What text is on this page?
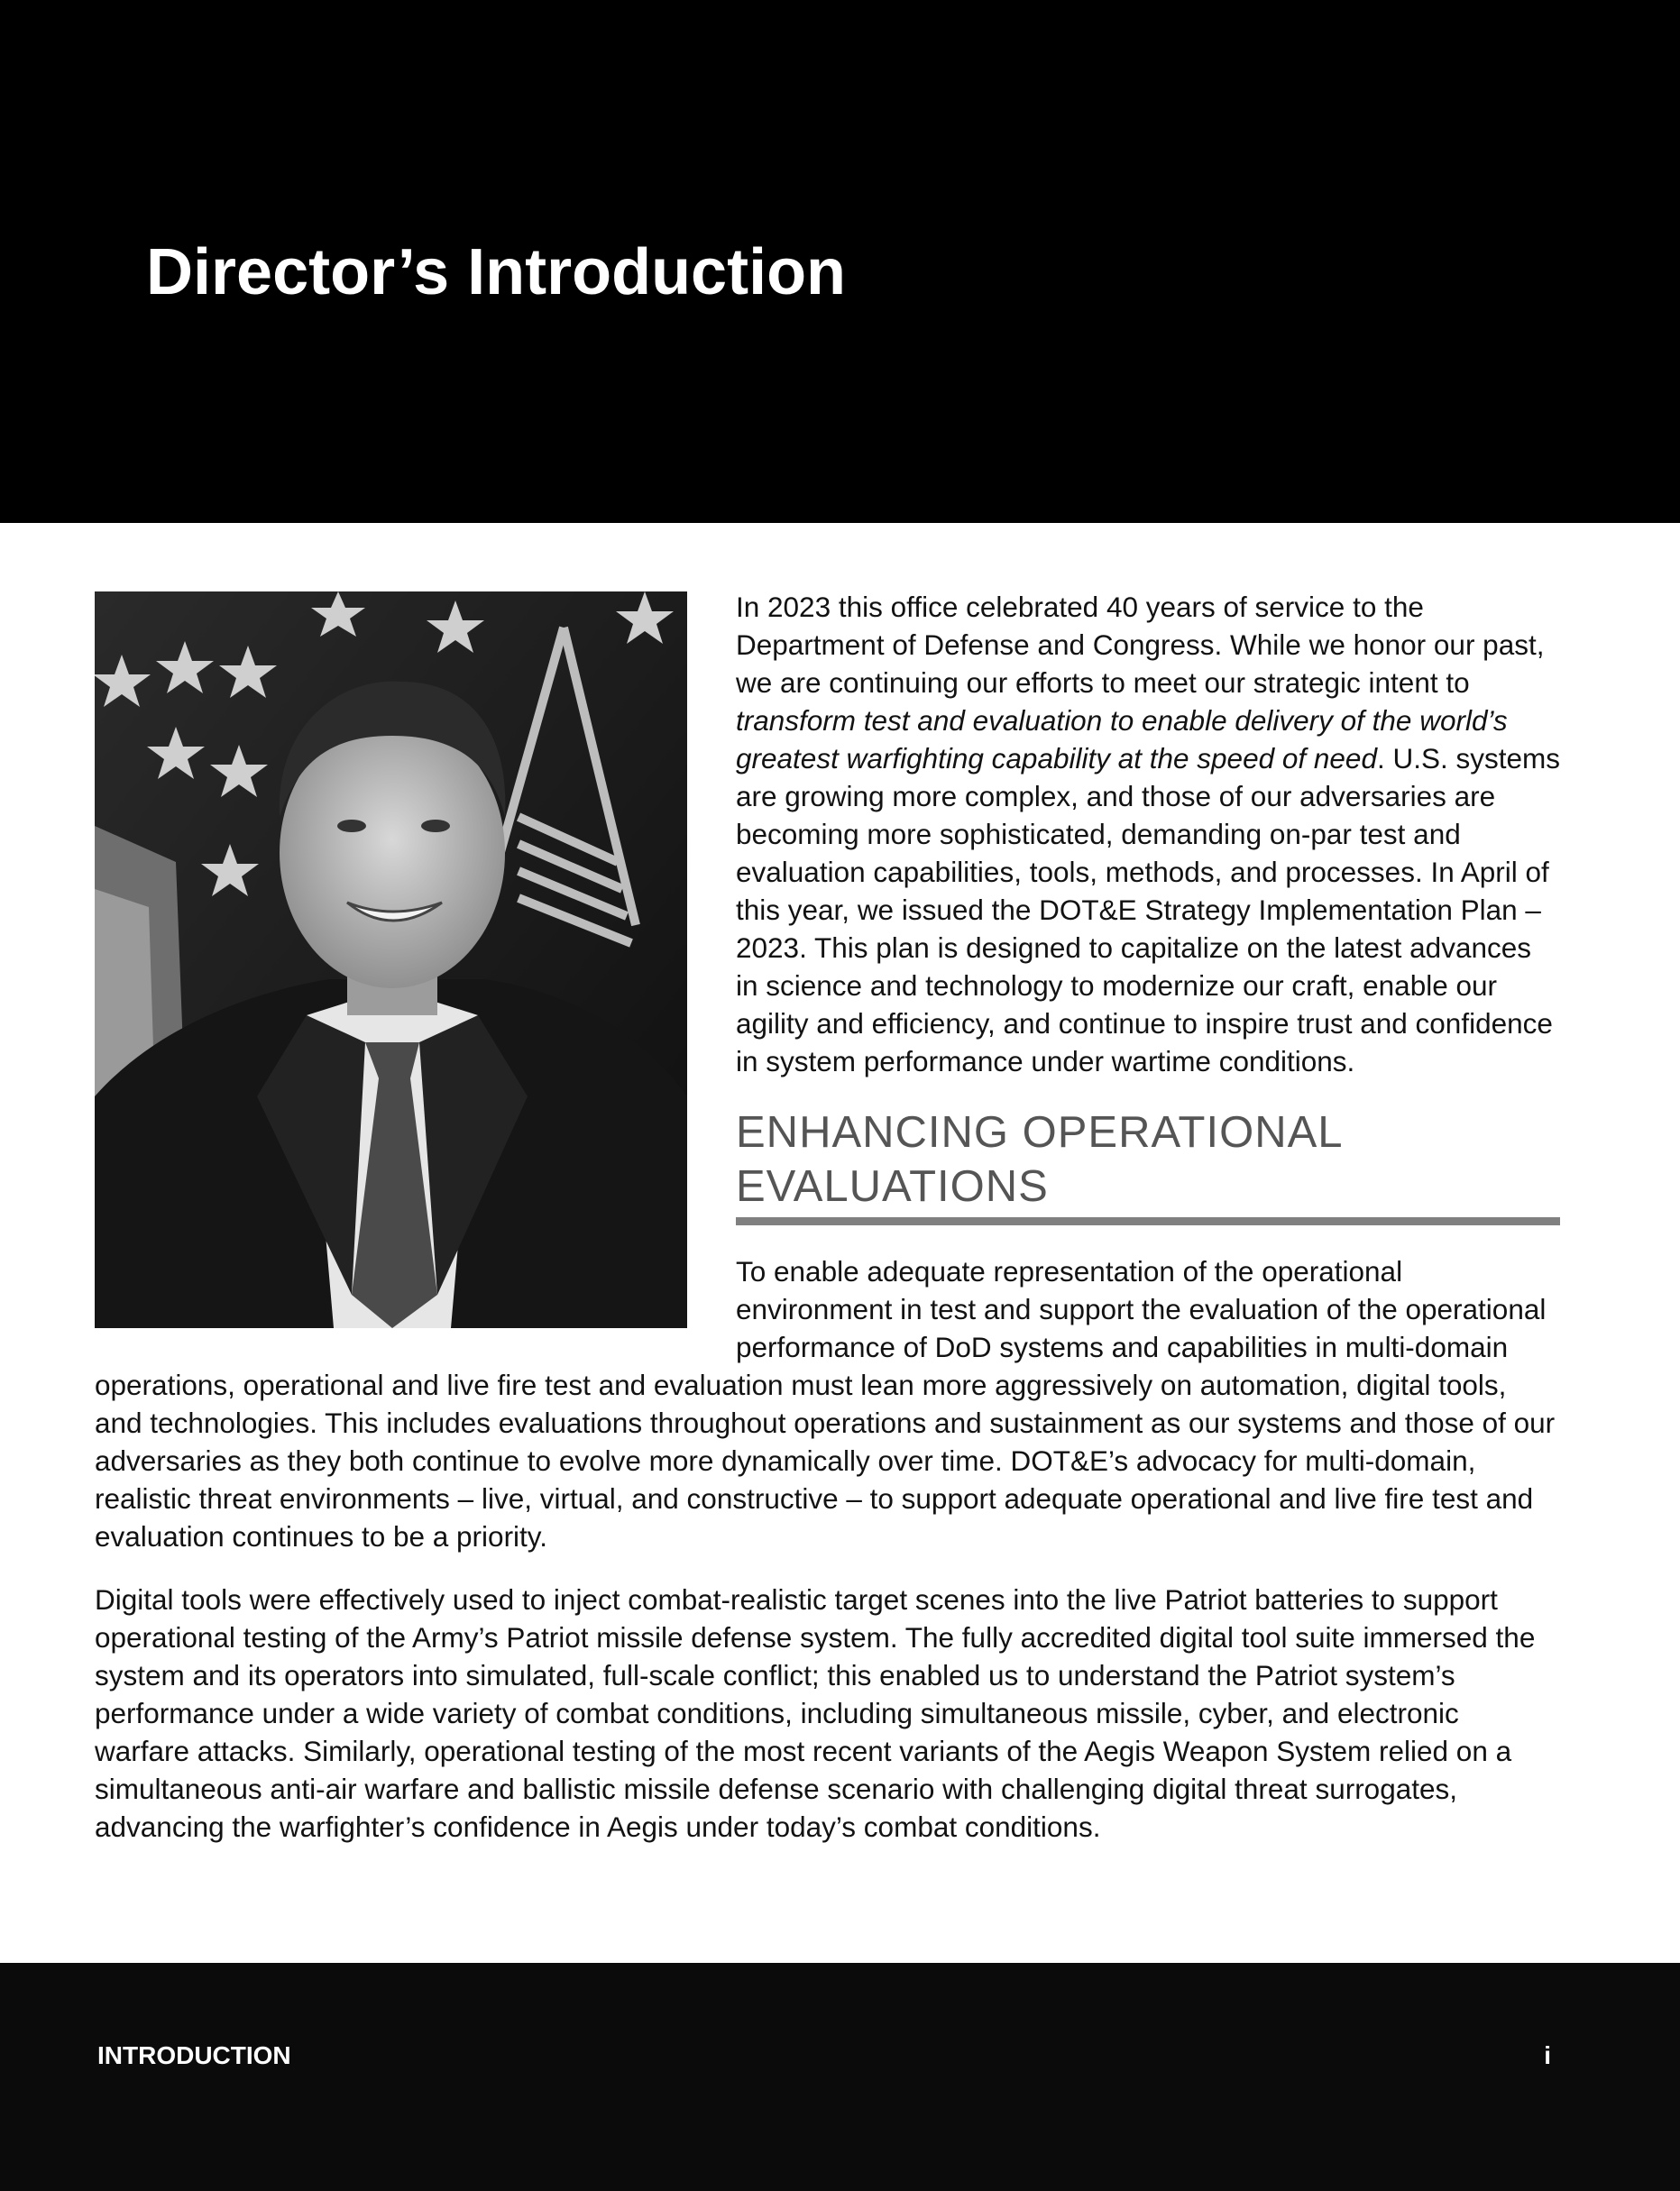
Director’s Introduction

In 2023 this office celebrated 40 years of service to the Department of Defense and Congress. While we honor our past, we are continuing our efforts to meet our strategic intent to transform test and evaluation to enable delivery of the world’s greatest warfighting capability at the speed of need. U.S. systems are growing more complex, and those of our adversaries are becoming more sophisticated, demanding on-par test and evaluation capabilities, tools, methods, and processes. In April of this year, we issued the DOT&E Strategy Implementation Plan – 2023. This plan is designed to capitalize on the latest advances in science and technology to modernize our craft, enable our agility and efficiency, and continue to inspire trust and confidence in system performance under wartime conditions.

ENHANCING OPERATIONAL EVALUATIONS

To enable adequate representation of the operational environment in test and support the evaluation of the operational performance of DoD systems and capabilities in multi-domain operations, operational and live fire test and evaluation must lean more aggressively on automation, digital tools, and technologies. This includes evaluations throughout operations and sustainment as our systems and those of our adversaries as they both continue to evolve more dynamically over time. DOT&E’s advocacy for multi-domain, realistic threat environments – live, virtual, and constructive – to support adequate operational and live fire test and evaluation continues to be a priority.

Digital tools were effectively used to inject combat-realistic target scenes into the live Patriot batteries to support operational testing of the Army’s Patriot missile defense system. The fully accredited digital tool suite immersed the system and its operators into simulated, full-scale conflict; this enabled us to understand the Patriot system’s performance under a wide variety of combat conditions, including simultaneous missile, cyber, and electronic warfare attacks. Similarly, operational testing of the most recent variants of the Aegis Weapon System relied on a simultaneous anti-air warfare and ballistic missile defense scenario with challenging digital threat surrogates, advancing the warfighter’s confidence in Aegis under today’s combat conditions.

INTRODUCTION	i
